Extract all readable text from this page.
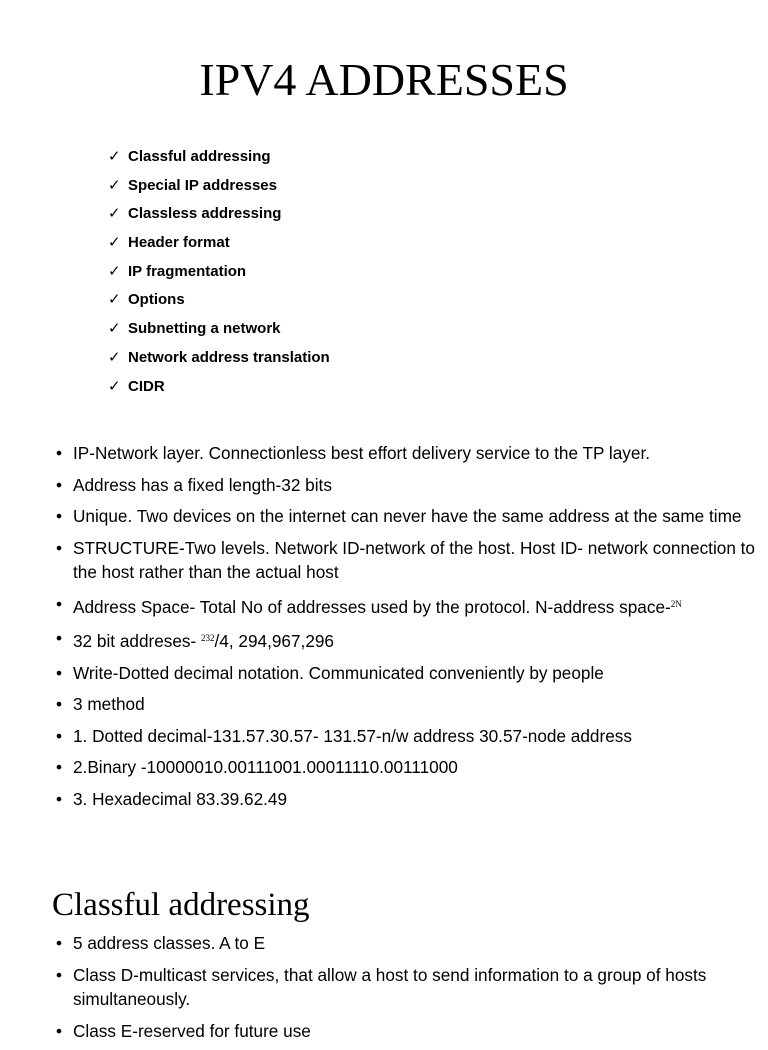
IPV4 ADDRESSES
✓ Classful addressing
✓ Special IP addresses
✓ Classless addressing
✓ Header format
✓ IP fragmentation
✓ Options
✓ Subnetting a network
✓ Network address translation
✓ CIDR
• IP-Network layer. Connectionless best effort delivery service to the TP layer.
• Address has a fixed length-32 bits
• Unique. Two devices on the internet can never have the same address at the same time
• STRUCTURE-Two levels. Network ID-network of the host. Host ID- network connection to the host rather than the actual host
• Address Space- Total No of addresses used by the protocol. N-address space-$^{2N}$
• 32 bit addreses- $^{232}$/4, 294,967,296
• Write-Dotted decimal notation. Communicated conveniently by people
• 3 method
• 1. Dotted decimal-131.57.30.57- 131.57-n/w address 30.57-node address
• 2.Binary -10000010.00111001.00011110.00111000
• 3. Hexadecimal 83.39.62.49
Classful addressing
• 5 address classes. A to E
• Class D-multicast services, that allow a host to send information to a group of hosts simultaneously.
• Class E-reserved for future use
